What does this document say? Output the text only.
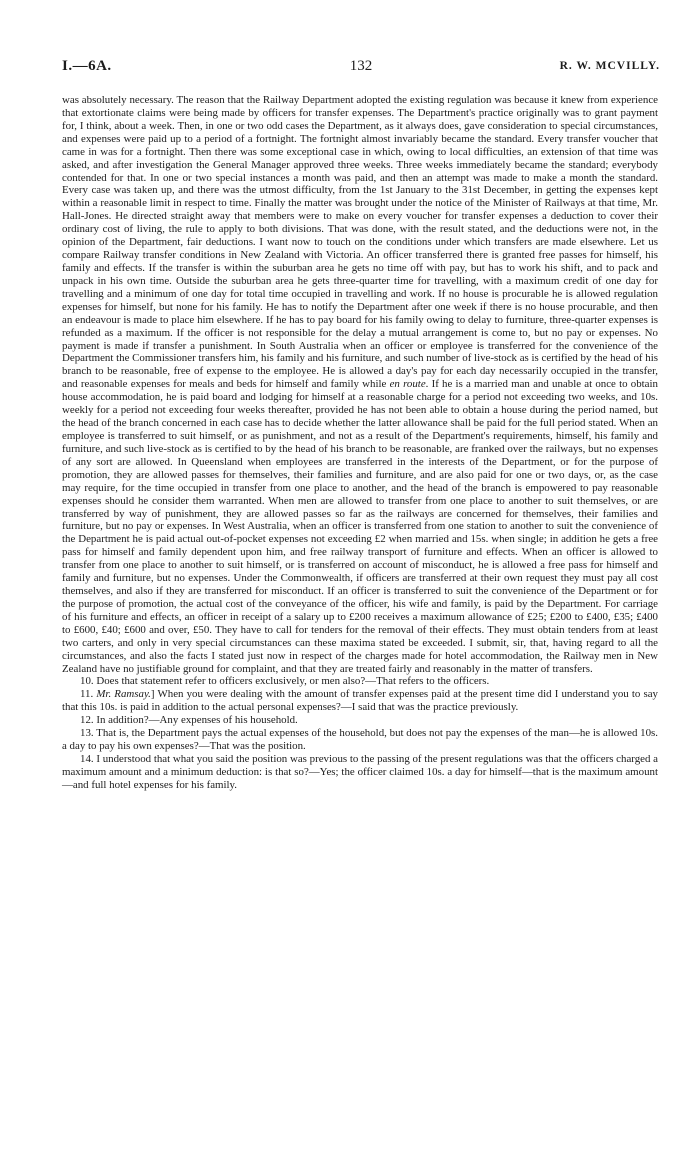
I.—6A.	132	R. W. MCVILLY.

was absolutely necessary. The reason that the Railway Department adopted the existing regulation was because it knew from experience that extortionate claims were being made by officers for transfer expenses. The Department's practice originally was to grant payment for, I think, about a week. Then, in one or two odd cases the Department, as it always does, gave consideration to special circumstances, and expenses were paid up to a period of a fortnight. The fortnight almost invariably became the standard. Every transfer voucher that came in was for a fortnight. Then there was some exceptional case in which, owing to local difficulties, an extension of that time was asked, and after investigation the General Manager approved three weeks. Three weeks immediately became the standard; everybody contended for that. In one or two special instances a month was paid, and then an attempt was made to make a month the standard. Every case was taken up, and there was the utmost difficulty, from the 1st January to the 31st December, in getting the expenses kept within a reasonable limit in respect to time. Finally the matter was brought under the notice of the Minister of Railways at that time, Mr. Hall-Jones. He directed straight away that members were to make on every voucher for transfer expenses a deduction to cover their ordinary cost of living, the rule to apply to both divisions. That was done, with the result stated, and the deductions were not, in the opinion of the Department, fair deductions. I want now to touch on the conditions under which transfers are made elsewhere. Let us compare Railway transfer conditions in New Zealand with Victoria. An officer transferred there is granted free passes for himself, his family and effects. If the transfer is within the suburban area he gets no time off with pay, but has to work his shift, and to pack and unpack in his own time. Outside the suburban area he gets three-quarter time for travelling, with a maximum credit of one day for travelling and a minimum of one day for total time occupied in travelling and work. If no house is procurable he is allowed regulation expenses for himself, but none for his family. He has to notify the Department after one week if there is no house procurable, and then an endeavour is made to place him elsewhere. If he has to pay board for his family owing to delay to furniture, three-quarter expenses is refunded as a maximum. If the officer is not responsible for the delay a mutual arrangement is come to, but no pay or expenses. No payment is made if transfer a punishment. In South Australia when an officer or employee is transferred for the convenience of the Department the Commissioner transfers him, his family and his furniture, and such number of live-stock as is certified by the head of his branch to be reasonable, free of expense to the employee. He is allowed a day's pay for each day necessarily occupied in the transfer, and reasonable expenses for meals and beds for himself and family while en route. If he is a married man and unable at once to obtain house accommodation, he is paid board and lodging for himself at a reasonable charge for a period not exceeding two weeks, and 10s. weekly for a period not exceeding four weeks thereafter, provided he has not been able to obtain a house during the period named, but the head of the branch concerned in each case has to decide whether the latter allowance shall be paid for the full period stated. When an employee is transferred to suit himself, or as punishment, and not as a result of the Department's requirements, himself, his family and furniture, and such live-stock as is certified to by the head of his branch to be reasonable, are franked over the railways, but no expenses of any sort are allowed. In Queensland when employees are transferred in the interests of the Department, or for the purpose of promotion, they are allowed passes for themselves, their families and furniture, and are also paid for one or two days, or, as the case may require, for the time occupied in transfer from one place to another, and the head of the branch is empowered to pay reasonable expenses should he consider them warranted. When men are allowed to transfer from one place to another to suit themselves, or are transferred by way of punishment, they are allowed passes so far as the railways are concerned for themselves, their families and furniture, but no pay or expenses. In West Australia, when an officer is transferred from one station to another to suit the convenience of the Department he is paid actual out-of-pocket expenses not exceeding £2 when married and 15s. when single; in addition he gets a free pass for himself and family dependent upon him, and free railway transport of furniture and effects. When an officer is allowed to transfer from one place to another to suit himself, or is transferred on account of misconduct, he is allowed a free pass for himself and family and furniture, but no expenses. Under the Commonwealth, if officers are transferred at their own request they must pay all cost themselves, and also if they are transferred for misconduct. If an officer is transferred to suit the convenience of the Department or for the purpose of promotion, the actual cost of the conveyance of the officer, his wife and family, is paid by the Department. For carriage of his furniture and effects, an officer in receipt of a salary up to £200 receives a maximum allowance of £25; £200 to £400, £35; £400 to £600, £40; £600 and over, £50. They have to call for tenders for the removal of their effects. They must obtain tenders from at least two carters, and only in very special circumstances can these maxima stated be exceeded. I submit, sir, that, having regard to all the circumstances, and also the facts I stated just now in respect of the charges made for hotel accommodation, the Railway men in New Zealand have no justifiable ground for complaint, and that they are treated fairly and reasonably in the matter of transfers.

10. Does that statement refer to officers exclusively, or men also?—That refers to the officers.

11. Mr. Ramsay.] When you were dealing with the amount of transfer expenses paid at the present time did I understand you to say that this 10s. is paid in addition to the actual personal expenses?—I said that was the practice previously.

12. In addition?—Any expenses of his household.

13. That is, the Department pays the actual expenses of the household, but does not pay the expenses of the man—he is allowed 10s. a day to pay his own expenses?—That was the position.

14. I understood that what you said the position was previous to the passing of the present regulations was that the officers charged a maximum amount and a minimum deduction: is that so?—Yes; the officer claimed 10s. a day for himself—that is the maximum amount—and full hotel expenses for his family.
